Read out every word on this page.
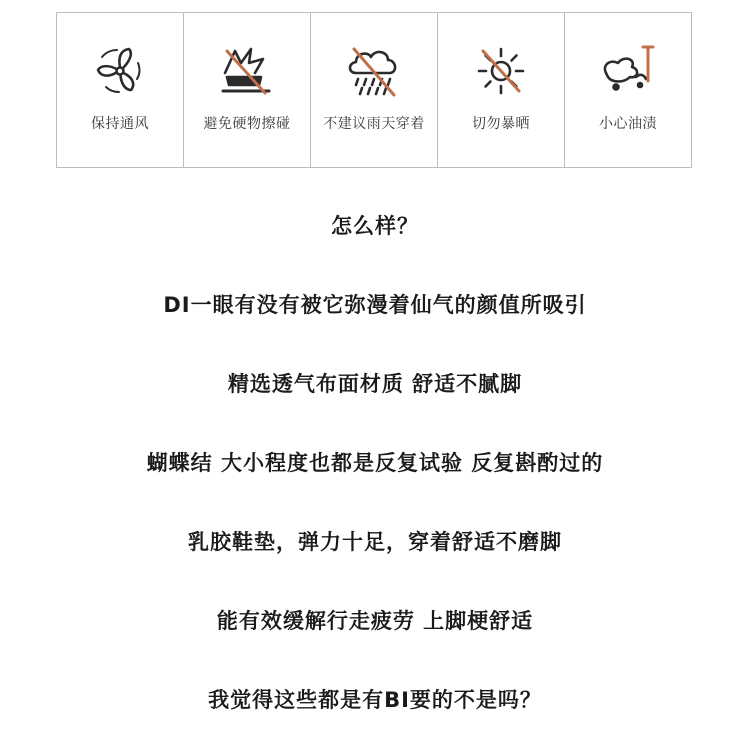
保持通风	避免硬物擦碰	不建议雨天穿着	切勿暴晒	小心油渍
怎么样？
DI一眼有没有被它弥漫着仙气的颜值所吸引
精选透气布面材质 舒适不腻脚
蝴蝶结 大小程度也都是反复试验 反复斟酌过的
乳胶鞋垫，弹力十足，穿着舒适不磨脚
能有效缓解行走疲劳 上脚梗舒适
我觉得这些都是有BI要的不是吗？
